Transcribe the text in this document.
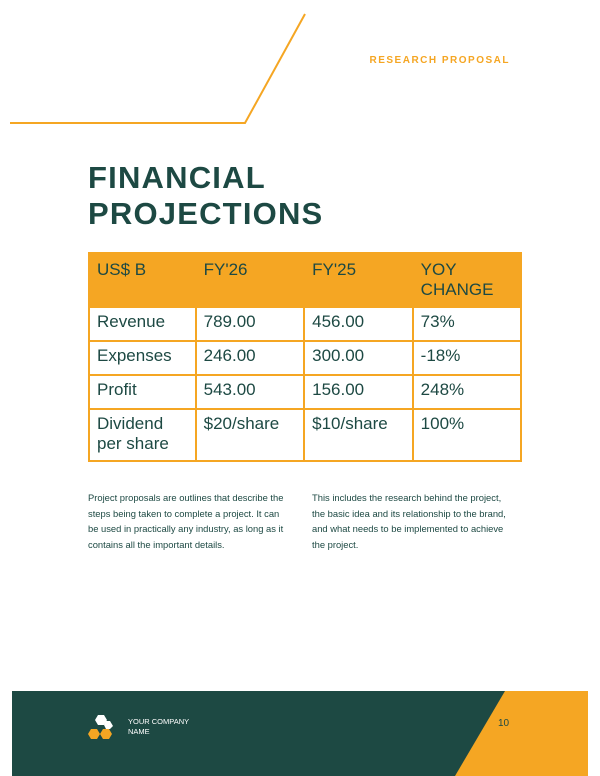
RESEARCH PROPOSAL
FINANCIAL
PROJECTIONS
US$ B	FY'26	FY'25	YOY CHANGE
Revenue	789.00	456.00	73%
Expenses	246.00	300.00	-18%
Profit	543.00	156.00	248%
Dividend per share	$20/share	$10/share	100%

Project proposals are outlines that describe the steps being taken to complete a project. It can be used in practically any industry, as long as it contains all the important details.

This includes the research behind the project, the basic idea and its relationship to the brand, and what needs to be implemented to achieve the project.

YOUR COMPANY NAME
10
